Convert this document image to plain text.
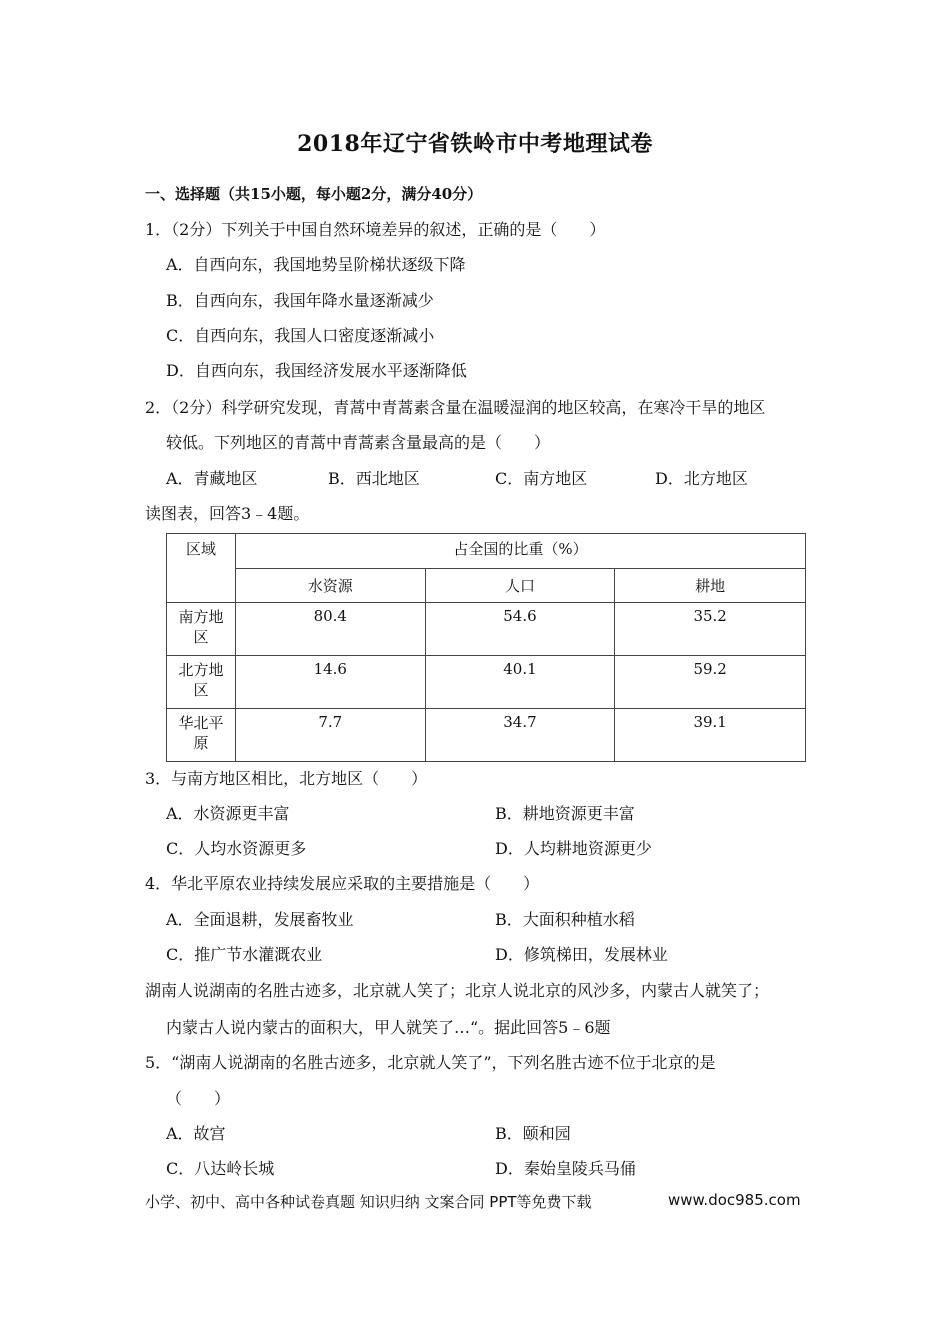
2018年辽宁省铁岭市中考地理试卷
一、选择题（共15小题，每小题2分，满分40分）
1．（2分）下列关于中国自然环境差异的叙述，正确的是（　　）
A．自西向东，我国地势呈阶梯状逐级下降
B．自西向东，我国年降水量逐渐减少
C．自西向东，我国人口密度逐渐减小
D．自西向东，我国经济发展水平逐渐降低
2．（2分）科学研究发现，青蒿中青蒿素含量在温暖湿润的地区较高，在寒冷干旱的地区
较低。下列地区的青蒿中青蒿素含量最高的是（　　）
A．青藏地区	B．西北地区	C．南方地区	D．北方地区
读图表，回答3﹣4题。
区域	占全国的比重（%）		
	水资源	人口	耕地
南方地区	80.4	54.6	35.2
北方地区	14.6	40.1	59.2
华北平原	7.7	34.7	39.1
3．与南方地区相比，北方地区（　　）
A．水资源更丰富	B．耕地资源更丰富
C．人均水资源更多	D．人均耕地资源更少
4．华北平原农业持续发展应采取的主要措施是（　　）
A．全面退耕，发展畜牧业	B．大面积种植水稻
C．推广节水灌溉农业	D．修筑梯田，发展林业
湖南人说湖南的名胜古迹多，北京就人笑了；北京人说北京的风沙多，内蒙古人就笑了；
内蒙古人说内蒙古的面积大，甲人就笑了…“。据此回答5﹣6题
5．“湖南人说湖南的名胜古迹多，北京就人笑了”，下列名胜古迹不位于北京的是
（　　）
A．故宫	B．颐和园
C．八达岭长城	D．秦始皇陵兵马俑
小学、初中、高中各种试卷真题 知识归纳 文案合同 PPT等免费下载	www.doc985.com
